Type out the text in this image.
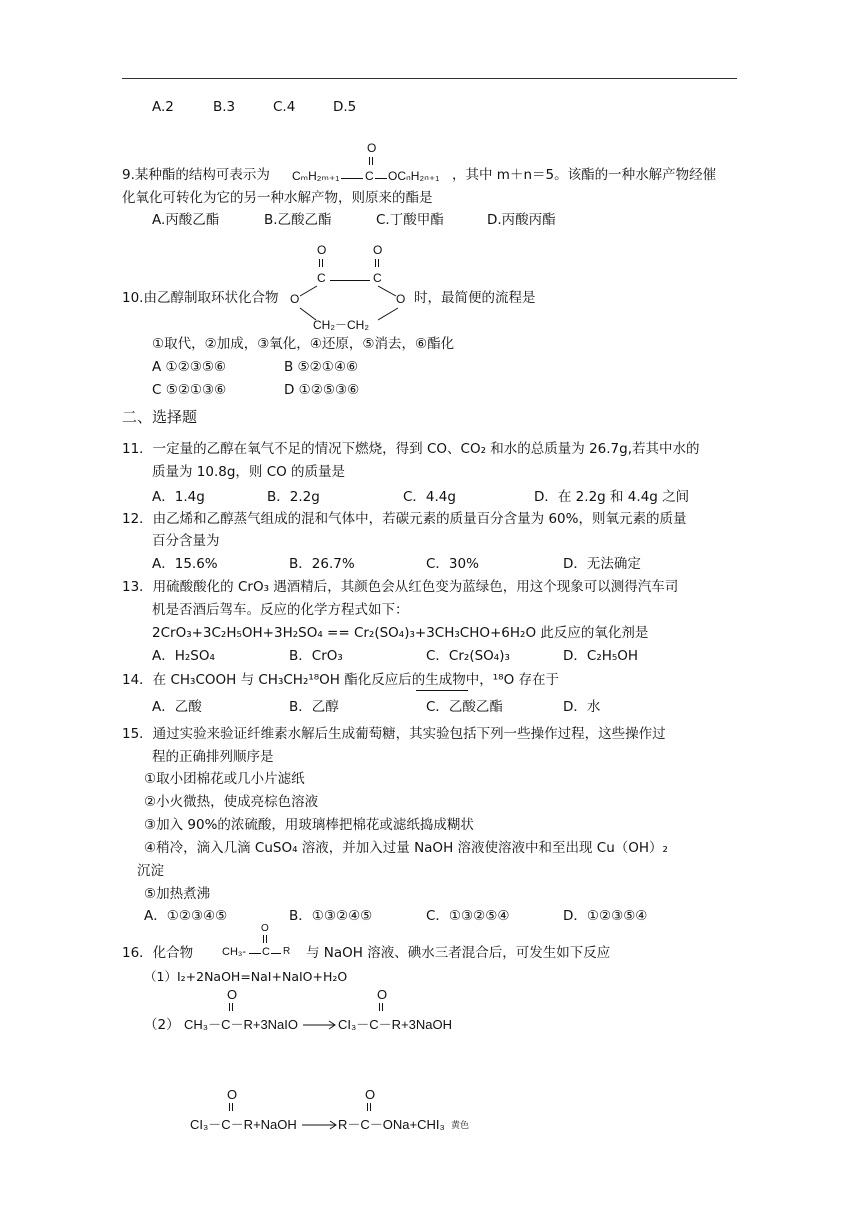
A.2	B.3	C.4	D.5
9.某种酯的结构可表示为
O
CₘH₂ₘ₊₁ C OCₙH₂ₙ₊₁ ，其中 m＋n＝5。该酯的一种水解产物经催
化氧化可转化为它的另一种水解产物，则原来的酯是
A.丙酸乙酯	B.乙酸乙酯	C.丁酸甲酯	D.丙酸丙酯
10.由乙醇制取环状化合物
O	O
C	C
O	O
CH₂－CH₂
时，最简便的流程是
①取代，②加成，③氧化，④还原，⑤消去，⑥酯化
A ①②③⑤⑥	B ⑤②①④⑥
C ⑤②①③⑥	D ①②⑤③⑥
二、选择题
11．一定量的乙醇在氧气不足的情况下燃烧，得到 CO、CO₂ 和水的总质量为 26.7g,若其中水的
质量为 10.8g，则 CO 的质量是
A．1.4g	B．2.2g	C．4.4g	D．在 2.2g 和 4.4g 之间
12．由乙烯和乙醇蒸气组成的混和气体中，若碳元素的质量百分含量为 60%，则氧元素的质量
百分含量为
A．15.6%	B．26.7%	C．30%	D．无法确定
13．用硫酸酸化的 CrO₃ 遇酒精后，其颜色会从红色变为蓝绿色，用这个现象可以测得汽车司
机是否酒后驾车。反应的化学方程式如下：
2CrO₃+3C₂H₅OH+3H₂SO₄ == Cr₂(SO₄)₃+3CH₃CHO+6H₂O 此反应的氧化剂是
A．H₂SO₄	B．CrO₃	C．Cr₂(SO₄)₃	D．C₂H₅OH
14．在 CH₃COOH 与 CH₃CH₂¹⁸OH 酯化反应后的生成物中，¹⁸O 存在于
A．乙酸	B．乙醇	C．乙酸乙酯	D．水
15．通过实验来验证纤维素水解后生成葡萄糖，其实验包括下列一些操作过程，这些操作过
程的正确排列顺序是
①取小团棉花或几小片滤纸
②小火微热，使成亮棕色溶液
③加入 90%的浓硫酸，用玻璃棒把棉花或滤纸捣成糊状
④稍冷，滴入几滴 CuSO₄ 溶液，并加入过量 NaOH 溶液使溶液中和至出现 Cu（OH）₂
沉淀
⑤加热煮沸
A．①②③④⑤	B．①③②④⑤	C．①③②⑤④	D．①②③⑤④
16．化合物
O
CH₃- C R 与 NaOH 溶液、碘水三者混合后，可发生如下反应
（1）I₂+2NaOH=NaI+NaIO+H₂O
（2）
O
CH₃－C－R+3NaIO
O
CI₃－C－R+3NaOH
O
CI₃－C－R+NaOH
O
R－C－ONa+CHI₃ 黄色
